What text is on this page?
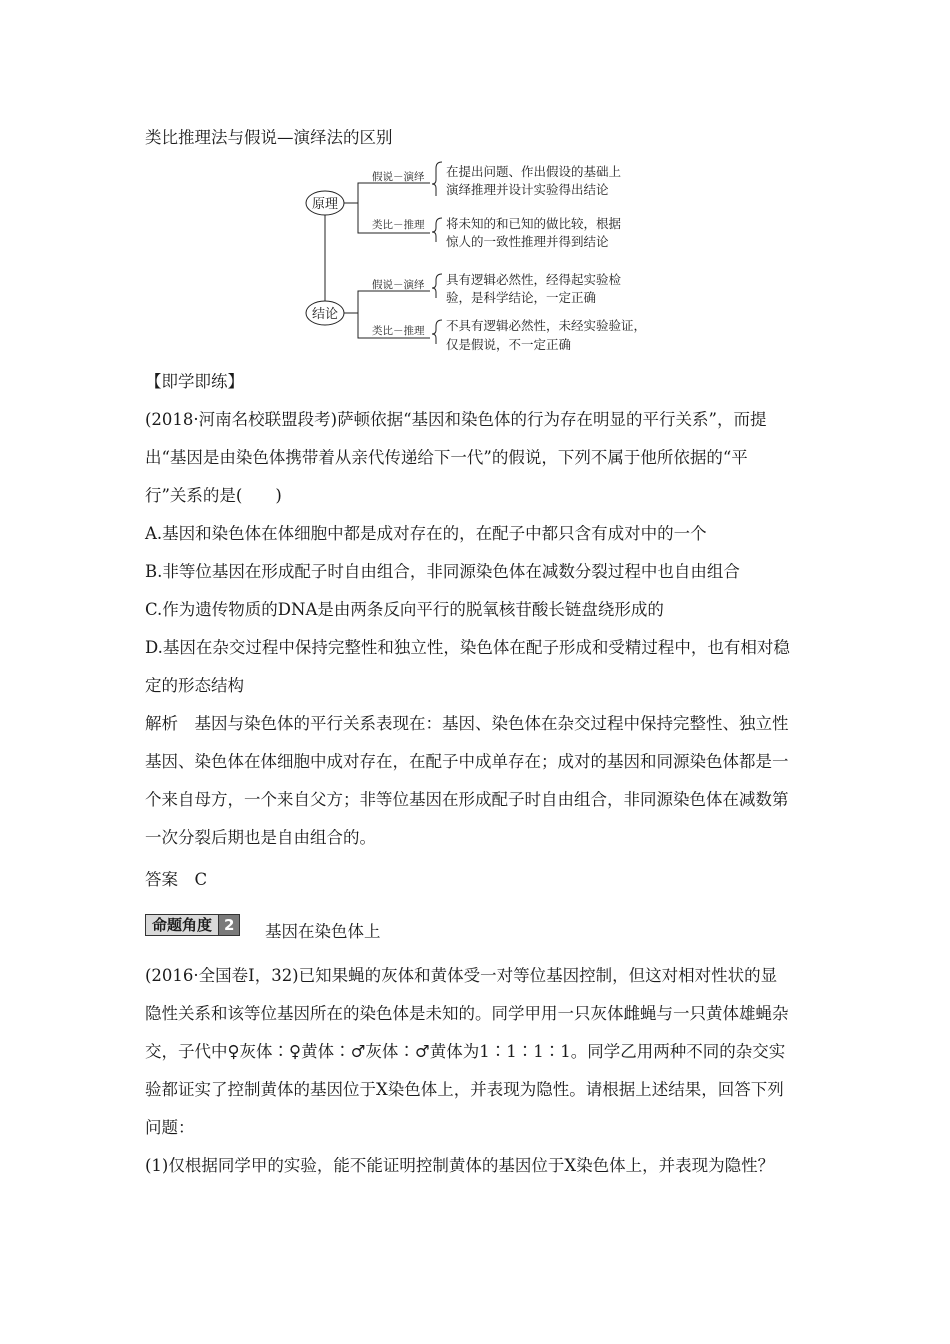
类比推理法与假说—演绎法的区别
原理
结论
假说－演绎
类比－推理
假说－演绎
类比－推理
在提出问题、作出假设的基础上
演绎推理并设计实验得出结论
将未知的和已知的做比较，根据
惊人的一致性推理并得到结论
具有逻辑必然性，经得起实验检
验，是科学结论，一定正确
不具有逻辑必然性，未经实验验证，
仅是假说，不一定正确
【即学即练】
(2018·河南名校联盟段考)萨顿依据“基因和染色体的行为存在明显的平行关系”，而提
出“基因是由染色体携带着从亲代传递给下一代”的假说，下列不属于他所依据的“平
行”关系的是(　　)
A.基因和染色体在体细胞中都是成对存在的，在配子中都只含有成对中的一个
B.非等位基因在形成配子时自由组合，非同源染色体在减数分裂过程中也自由组合
C.作为遗传物质的DNA是由两条反向平行的脱氧核苷酸长链盘绕形成的
D.基因在杂交过程中保持完整性和独立性，染色体在配子形成和受精过程中，也有相对稳
定的形态结构
解析　基因与染色体的平行关系表现在：基因、染色体在杂交过程中保持完整性、独立性
基因、染色体在体细胞中成对存在，在配子中成单存在；成对的基因和同源染色体都是一
个来自母方，一个来自父方；非等位基因在形成配子时自由组合，非同源染色体在减数第
一次分裂后期也是自由组合的。
答案　C
命题角度 2	基因在染色体上
(2016·全国卷Ⅰ，32)已知果蝇的灰体和黄体受一对等位基因控制，但这对相对性状的显
隐性关系和该等位基因所在的染色体是未知的。同学甲用一只灰体雌蝇与一只黄体雄蝇杂
交，子代中♀灰体∶♀黄体∶♂灰体∶♂黄体为1∶1∶1∶1。同学乙用两种不同的杂交实
验都证实了控制黄体的基因位于X染色体上，并表现为隐性。请根据上述结果，回答下列
问题：
(1)仅根据同学甲的实验，能不能证明控制黄体的基因位于X染色体上，并表现为隐性？
